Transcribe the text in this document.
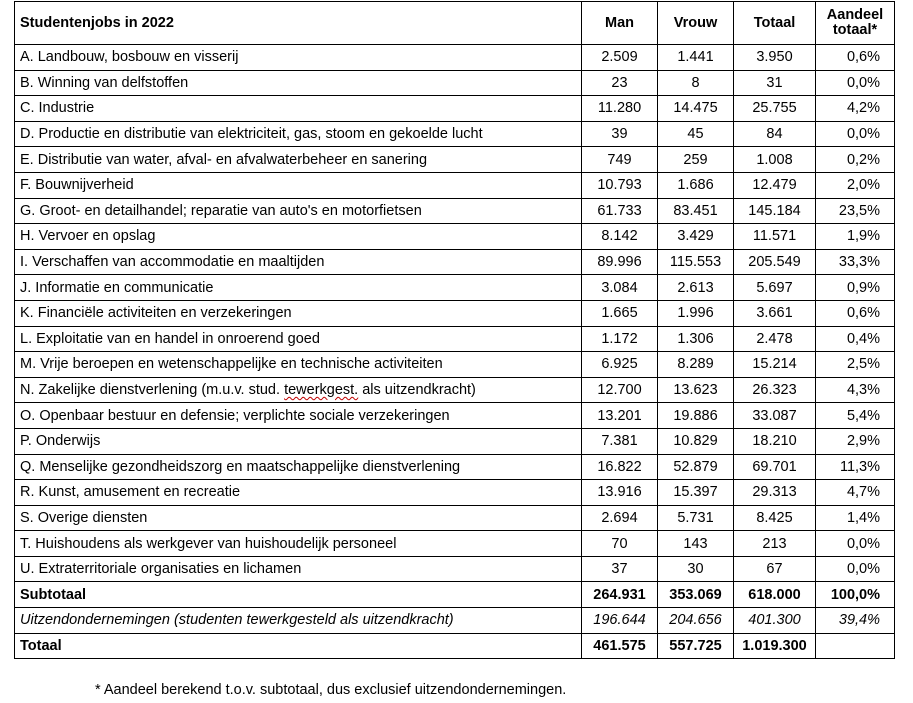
Studentenjobs in 2022	Man	Vrouw	Totaal	Aandeel totaal*
A. Landbouw, bosbouw en visserij	2.509	1.441	3.950	0,6%
B. Winning van delfstoffen	23	8	31	0,0%
C. Industrie	11.280	14.475	25.755	4,2%
D. Productie en distributie van elektriciteit, gas, stoom en gekoelde lucht	39	45	84	0,0%
E. Distributie van water, afval- en afvalwaterbeheer en sanering	749	259	1.008	0,2%
F. Bouwnijverheid	10.793	1.686	12.479	2,0%
G. Groot- en detailhandel; reparatie van auto's en motorfietsen	61.733	83.451	145.184	23,5%
H. Vervoer en opslag	8.142	3.429	11.571	1,9%
I. Verschaffen van accommodatie en maaltijden	89.996	115.553	205.549	33,3%
J. Informatie en communicatie	3.084	2.613	5.697	0,9%
K. Financiële activiteiten en verzekeringen	1.665	1.996	3.661	0,6%
L. Exploitatie van en handel in onroerend goed	1.172	1.306	2.478	0,4%
M. Vrije beroepen en wetenschappelijke en technische activiteiten	6.925	8.289	15.214	2,5%
N. Zakelijke dienstverlening (m.u.v. stud. tewerkgest. als uitzendkracht)	12.700	13.623	26.323	4,3%
O. Openbaar bestuur en defensie; verplichte sociale verzekeringen	13.201	19.886	33.087	5,4%
P. Onderwijs	7.381	10.829	18.210	2,9%
Q. Menselijke gezondheidszorg en maatschappelijke dienstverlening	16.822	52.879	69.701	11,3%
R. Kunst, amusement en recreatie	13.916	15.397	29.313	4,7%
S. Overige diensten	2.694	5.731	8.425	1,4%
T. Huishoudens als werkgever van huishoudelijk personeel	70	143	213	0,0%
U. Extraterritoriale organisaties en lichamen	37	30	67	0,0%
Subtotaal	264.931	353.069	618.000	100,0%
Uitzendondernemingen (studenten tewerkgesteld als uitzendkracht)	196.644	204.656	401.300	39,4%
Totaal	461.575	557.725	1.019.300	
* Aandeel berekend t.o.v. subtotaal, dus exclusief uitzendondernemingen.
